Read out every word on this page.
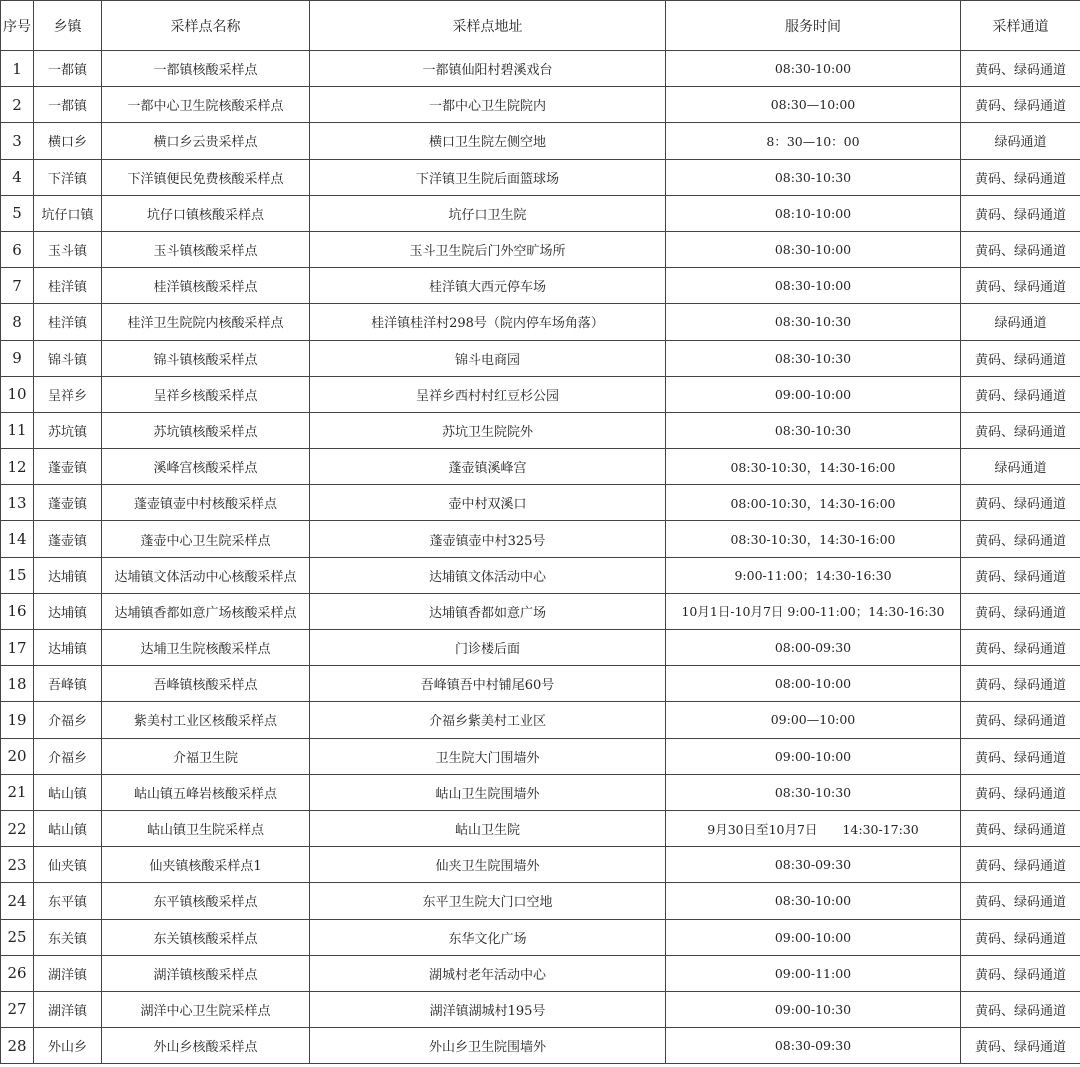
序号	乡镇	采样点名称	采样点地址	服务时间	采样通道
1	一都镇	一都镇核酸采样点	一都镇仙阳村碧溪戏台	08:30-10:00	黄码、绿码通道
2	一都镇	一都中心卫生院核酸采样点	一都中心卫生院院内	08:30—10:00	黄码、绿码通道
3	横口乡	横口乡云贵采样点	横口卫生院左侧空地	8：30—10：00	绿码通道
4	下洋镇	下洋镇便民免费核酸采样点	下洋镇卫生院后面篮球场	08:30-10:30	黄码、绿码通道
5	坑仔口镇	坑仔口镇核酸采样点	坑仔口卫生院	08:10-10:00	黄码、绿码通道
6	玉斗镇	玉斗镇核酸采样点	玉斗卫生院后门外空旷场所	08:30-10:00	黄码、绿码通道
7	桂洋镇	桂洋镇核酸采样点	桂洋镇大西元停车场	08:30-10:00	黄码、绿码通道
8	桂洋镇	桂洋卫生院院内核酸采样点	桂洋镇桂洋村298号（院内停车场角落）	08:30-10:30	绿码通道
9	锦斗镇	锦斗镇核酸采样点	锦斗电商园	08:30-10:30	黄码、绿码通道
10	呈祥乡	呈祥乡核酸采样点	呈祥乡西村村红豆杉公园	09:00-10:00	黄码、绿码通道
11	苏坑镇	苏坑镇核酸采样点	苏坑卫生院院外	08:30-10:30	黄码、绿码通道
12	蓬壶镇	溪峰宫核酸采样点	蓬壶镇溪峰宫	08:30-10:30，14:30-16:00	绿码通道
13	蓬壶镇	蓬壶镇壶中村核酸采样点	壶中村双溪口	08:00-10:30，14:30-16:00	黄码、绿码通道
14	蓬壶镇	蓬壶中心卫生院采样点	蓬壶镇壶中村325号	08:30-10:30，14:30-16:00	黄码、绿码通道
15	达埔镇	达埔镇文体活动中心核酸采样点	达埔镇文体活动中心	9:00-11:00；14:30-16:30	黄码、绿码通道
16	达埔镇	达埔镇香都如意广场核酸采样点	达埔镇香都如意广场	10月1日-10月7日 9:00-11:00；14:30-16:30	黄码、绿码通道
17	达埔镇	达埔卫生院核酸采样点	门诊楼后面	08:00-09:30	黄码、绿码通道
18	吾峰镇	吾峰镇核酸采样点	吾峰镇吾中村铺尾60号	08:00-10:00	黄码、绿码通道
19	介福乡	紫美村工业区核酸采样点	介福乡紫美村工业区	09:00—10:00	黄码、绿码通道
20	介福乡	介福卫生院	卫生院大门围墙外	09:00-10:00	黄码、绿码通道
21	岵山镇	岵山镇五峰岩核酸采样点	岵山卫生院围墙外	08:30-10:30	黄码、绿码通道
22	岵山镇	岵山镇卫生院采样点	岵山卫生院	9月30日至10月7日　　14:30-17:30	黄码、绿码通道
23	仙夹镇	仙夹镇核酸采样点1	仙夹卫生院围墙外	08:30-09:30	黄码、绿码通道
24	东平镇	东平镇核酸采样点	东平卫生院大门口空地	08:30-10:00	黄码、绿码通道
25	东关镇	东关镇核酸采样点	东华文化广场	09:00-10:00	黄码、绿码通道
26	湖洋镇	湖洋镇核酸采样点	湖城村老年活动中心	09:00-11:00	黄码、绿码通道
27	湖洋镇	湖洋中心卫生院采样点	湖洋镇湖城村195号	09:00-10:30	黄码、绿码通道
28	外山乡	外山乡核酸采样点	外山乡卫生院围墙外	08:30-09:30	黄码、绿码通道
